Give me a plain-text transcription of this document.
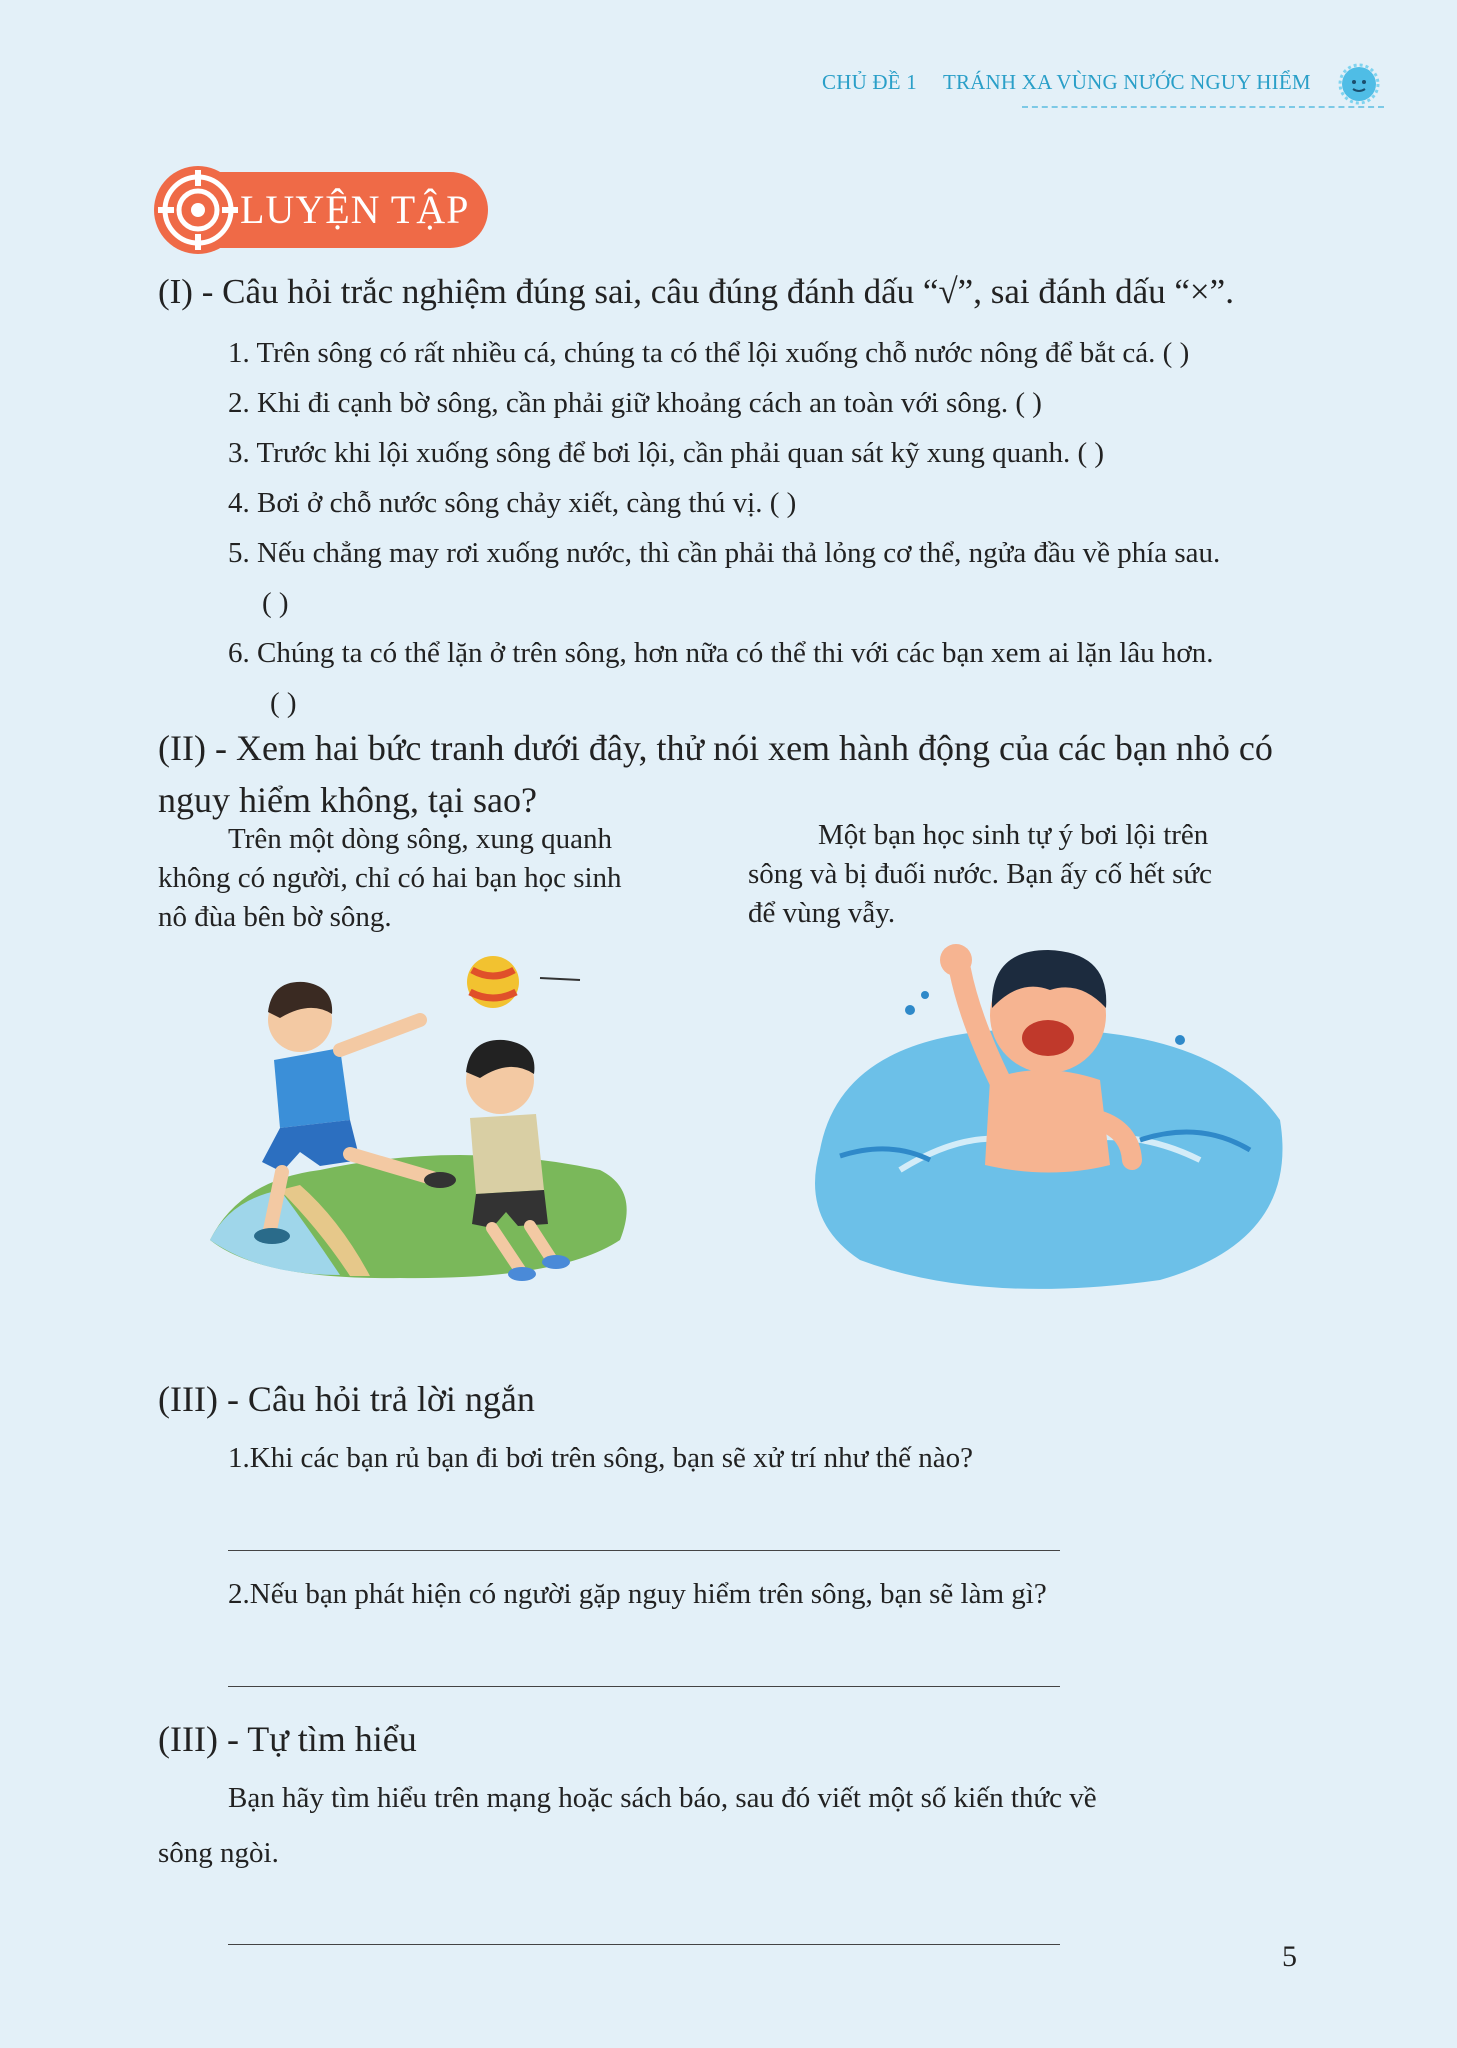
CHỦ ĐỀ 1 TRÁNH XA VÙNG NƯỚC NGUY HIỂM
LUYỆN TẬP
(I) - Câu hỏi trắc nghiệm đúng sai, câu đúng đánh dấu “√”, sai đánh dấu “×”.
1. Trên sông có rất nhiều cá, chúng ta có thể lội xuống chỗ nước nông để bắt cá. ( )
2. Khi đi cạnh bờ sông, cần phải giữ khoảng cách an toàn với sông. ( )
3. Trước khi lội xuống sông để bơi lội, cần phải quan sát kỹ xung quanh. ( )
4. Bơi ở chỗ nước sông chảy xiết, càng thú vị. ( )
5. Nếu chẳng may rơi xuống nước, thì cần phải thả lỏng cơ thể, ngửa đầu về phía sau.
( )
6. Chúng ta có thể lặn ở trên sông, hơn nữa có thể thi với các bạn xem ai lặn lâu hơn.
( )
(II) - Xem hai bức tranh dưới đây, thử nói xem hành động của các bạn nhỏ có
nguy hiểm không, tại sao?
Trên một dòng sông, xung quanh
không có người, chỉ có hai bạn học sinh
nô đùa bên bờ sông.
Một bạn học sinh tự ý bơi lội trên
sông và bị đuối nước. Bạn ấy cố hết sức
để vùng vẫy.
(III) - Câu hỏi trả lời ngắn
1.Khi các bạn rủ bạn đi bơi trên sông, bạn sẽ xử trí như thế nào?
2.Nếu bạn phát hiện có người gặp nguy hiểm trên sông, bạn sẽ làm gì?
(III) - Tự tìm hiểu
Bạn hãy tìm hiểu trên mạng hoặc sách báo, sau đó viết một số kiến thức về
sông ngòi.
5
